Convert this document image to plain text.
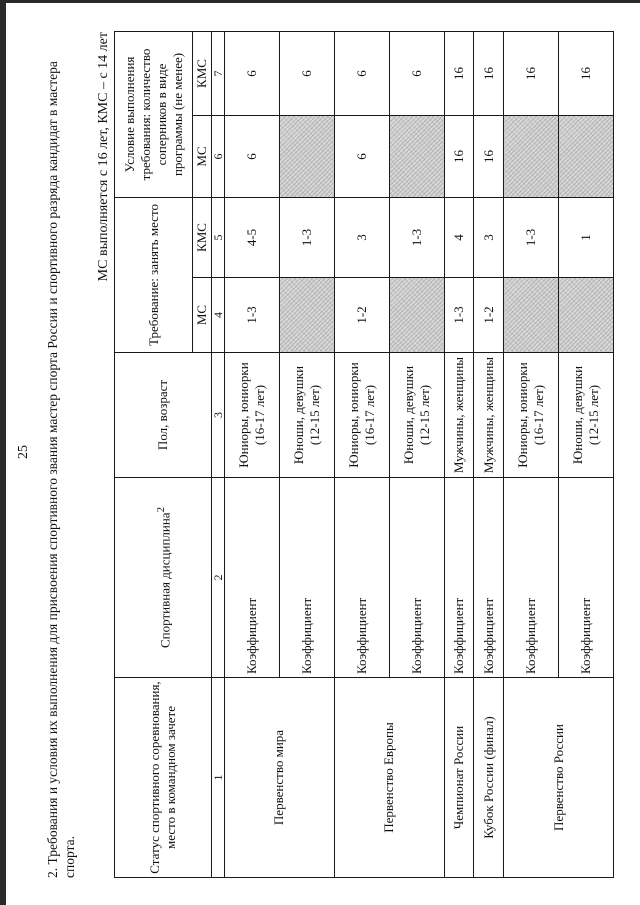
25 2. Требования и условия их выполнения для присвоения спортивного звания мастер спорта России и спортивного разряда кандидат в мастера спорта.
МС выполняется с 16 лет, КМС – с 14 лет
Статус спортивного соревнования, место в командном зачете	Спортивная дисциплина$^2$	Пол, возраст	Требование: занять место		Условие выполнения требования: количество соперников в виде программы (не менее)	
			МС	КМС	МС	КМС
1	2	3	4	5	6	7
Первенство мира	Коэффициент	Юниоры, юниорки (16-17 лет)	1-3	4-5	6	6
	Коэффициент	Юноши, девушки (12-15 лет)		1-3		6
Первенство Европы	Коэффициент	Юниоры, юниорки (16-17 лет)	1-2	3	6	6
	Коэффициент	Юноши, девушки (12-15 лет)		1-3		6
Чемпионат России	Коэффициент	Мужчины, женщины	1-3	4	16	16
Кубок России (финал)	Коэффициент	Мужчины, женщины	1-2	3	16	16
Первенство России	Коэффициент	Юниоры, юниорки (16-17 лет)		1-3		16
	Коэффициент	Юноши, девушки (12-15 лет)		1		16
